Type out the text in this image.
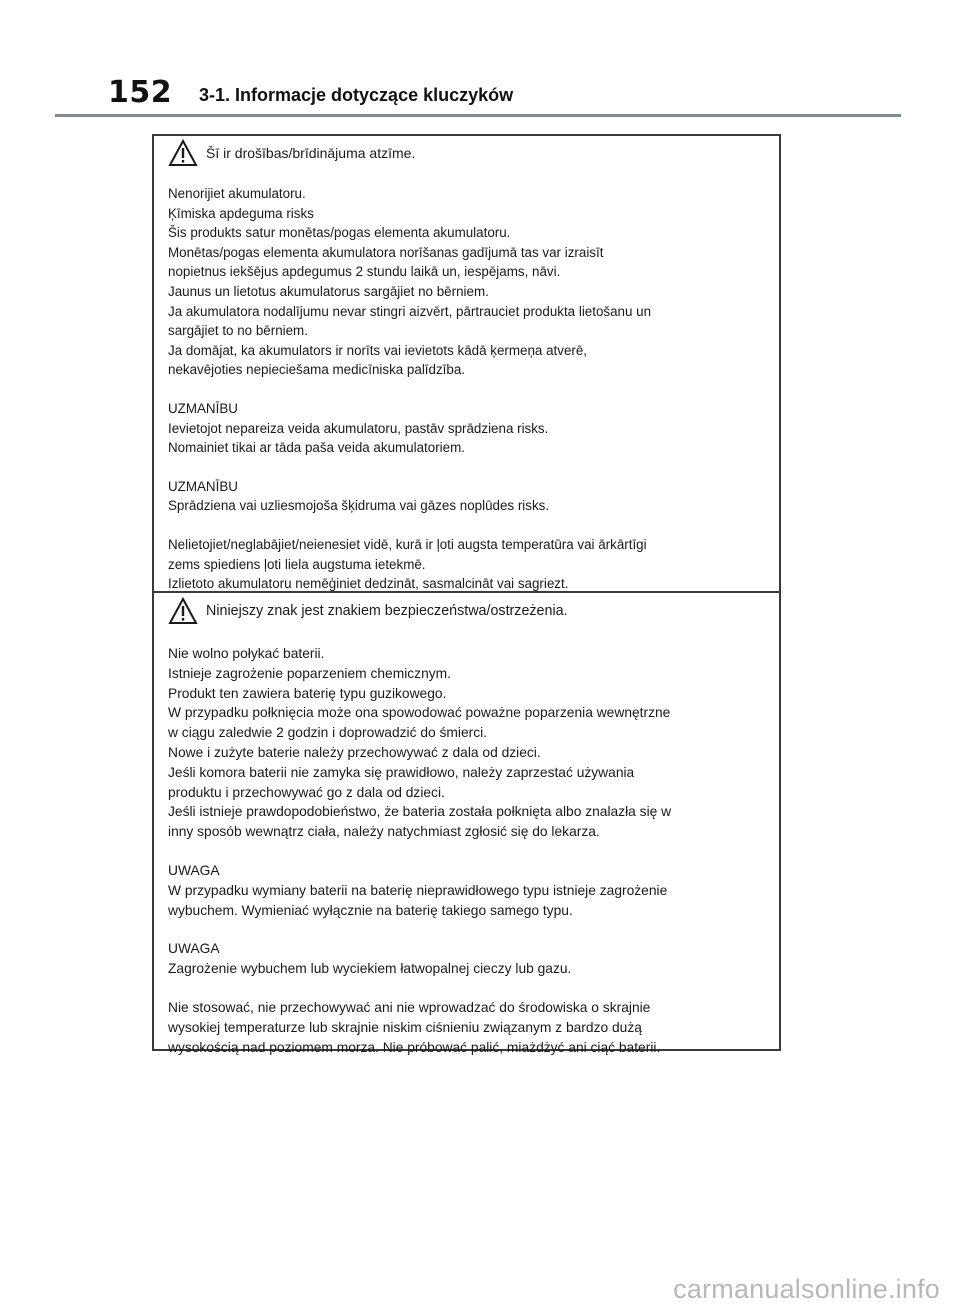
152 3-1. Informacje dotyczące kluczyków
Šī ir drošības/brīdinājuma atzīme.

Nenorijiet akumulatoru.

Ķīmiska apdeguma risks

Šis produkts satur monētas/pogas elementa akumulatoru.

Monētas/pogas elementa akumulatora norīšanas gadījumā tas var izraisīt

nopietnus iekšējus apdegumus 2 stundu laikā un, iespējams, nāvi.

Jaunus un lietotus akumulatorus sargājiet no bērniem.

Ja akumulatora nodalījumu nevar stingri aizvērt, pārtrauciet produkta lietošanu un

sargājiet to no bērniem.

Ja domājat, ka akumulators ir norīts vai ievietots kādā ķermeņa atverē,

nekavējoties nepieciešama medicīniska palīdzība.

UZMANĪBU

Ievietojot nepareiza veida akumulatoru, pastāv sprādziena risks.

Nomainiet tikai ar tāda paša veida akumulatoriem.

UZMANĪBU

Sprādziena vai uzliesmojoša šķidruma vai gāzes noplūdes risks.

Nelietojiet/neglabājiet/neienesiet vidē, kurā ir ļoti augsta temperatūra vai ārkārtīgi

zems spiediens ļoti liela augstuma ietekmē.

Izlietoto akumulatoru nemēģiniet dedzināt, sasmalcināt vai sagriezt.

Niniejszy znak jest znakiem bezpieczeństwa/ostrzeżenia.

Nie wolno połykać baterii.

Istnieje zagrożenie poparzeniem chemicznym.

Produkt ten zawiera baterię typu guzikowego.

W przypadku połknięcia może ona spowodować poważne poparzenia wewnętrzne

w ciągu zaledwie 2 godzin i doprowadzić do śmierci.

Nowe i zużyte baterie należy przechowywać z dala od dzieci.

Jeśli komora baterii nie zamyka się prawidłowo, należy zaprzestać używania

produktu i przechowywać go z dala od dzieci.

Jeśli istnieje prawdopodobieństwo, że bateria została połknięta albo znalazła się w

inny sposób wewnątrz ciała, należy natychmiast zgłosić się do lekarza.

UWAGA

W przypadku wymiany baterii na baterię nieprawidłowego typu istnieje zagrożenie

wybuchem. Wymieniać wyłącznie na baterię takiego samego typu.

UWAGA

Zagrożenie wybuchem lub wyciekiem łatwopalnej cieczy lub gazu.

Nie stosować, nie przechowywać ani nie wprowadzać do środowiska o skrajnie

wysokiej temperaturze lub skrajnie niskim ciśnieniu związanym z bardzo dużą

wysokością nad poziomem morza. Nie próbować palić, miażdżyć ani ciąć baterii.

carmanualsonline.info
